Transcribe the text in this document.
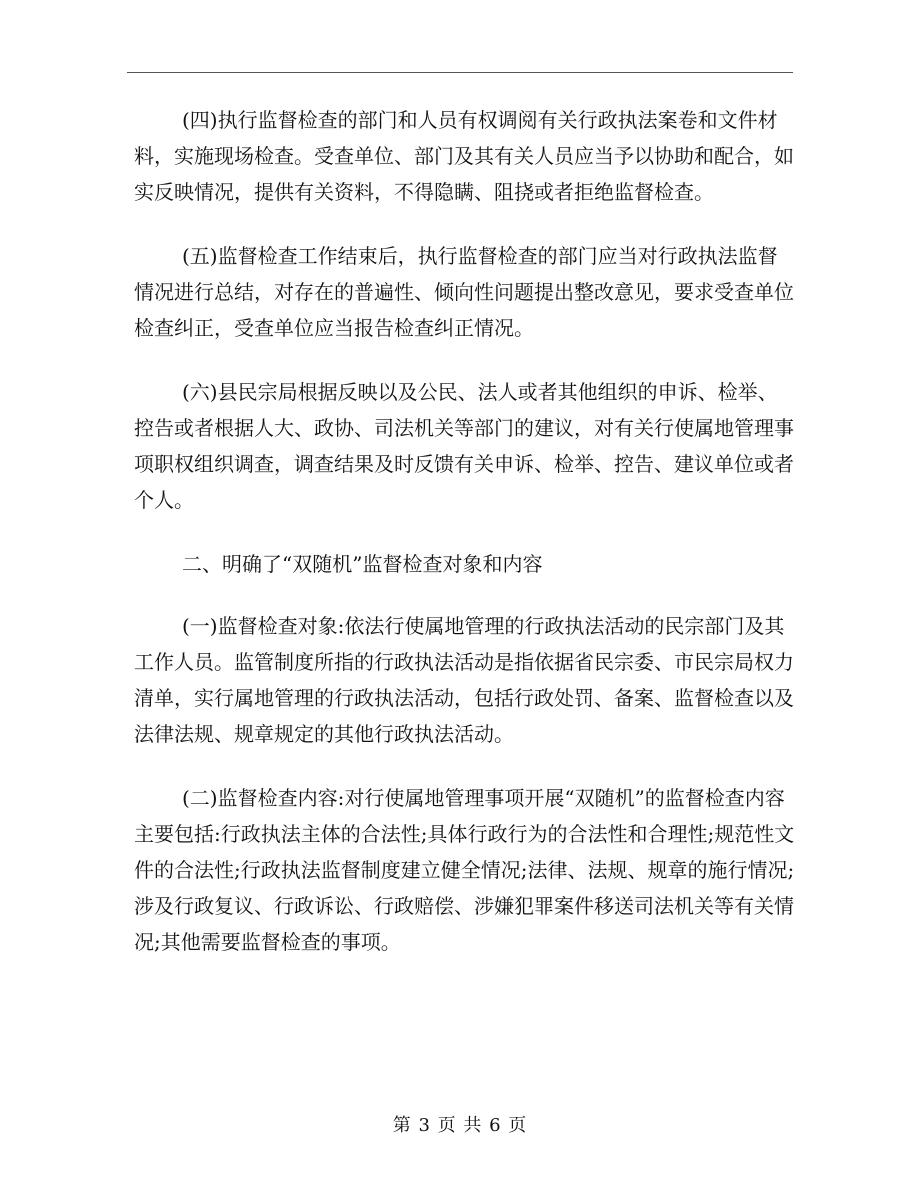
(四)执行监督检查的部门和人员有权调阅有关行政执法案卷和文件材料，实施现场检查。受查单位、部门及其有关人员应当予以协助和配合，如实反映情况，提供有关资料，不得隐瞒、阻挠或者拒绝监督检查。

(五)监督检查工作结束后，执行监督检查的部门应当对行政执法监督情况进行总结，对存在的普遍性、倾向性问题提出整改意见，要求受查单位检查纠正，受查单位应当报告检查纠正情况。

(六)县民宗局根据反映以及公民、法人或者其他组织的申诉、检举、控告或者根据人大、政协、司法机关等部门的建议，对有关行使属地管理事项职权组织调查，调查结果及时反馈有关申诉、检举、控告、建议单位或者个人。

二、明确了“双随机”监督检查对象和内容

(一)监督检查对象:依法行使属地管理的行政执法活动的民宗部门及其工作人员。监管制度所指的行政执法活动是指依据省民宗委、市民宗局权力清单，实行属地管理的行政执法活动，包括行政处罚、备案、监督检查以及法律法规、规章规定的其他行政执法活动。

(二)监督检查内容:对行使属地管理事项开展“双随机”的监督检查内容主要包括:行政执法主体的合法性;具体行政行为的合法性和合理性;规范性文件的合法性;行政执法监督制度建立健全情况;法律、法规、规章的施行情况;涉及行政复议、行政诉讼、行政赔偿、涉嫌犯罪案件移送司法机关等有关情况;其他需要监督检查的事项。

第 3 页 共 6 页
